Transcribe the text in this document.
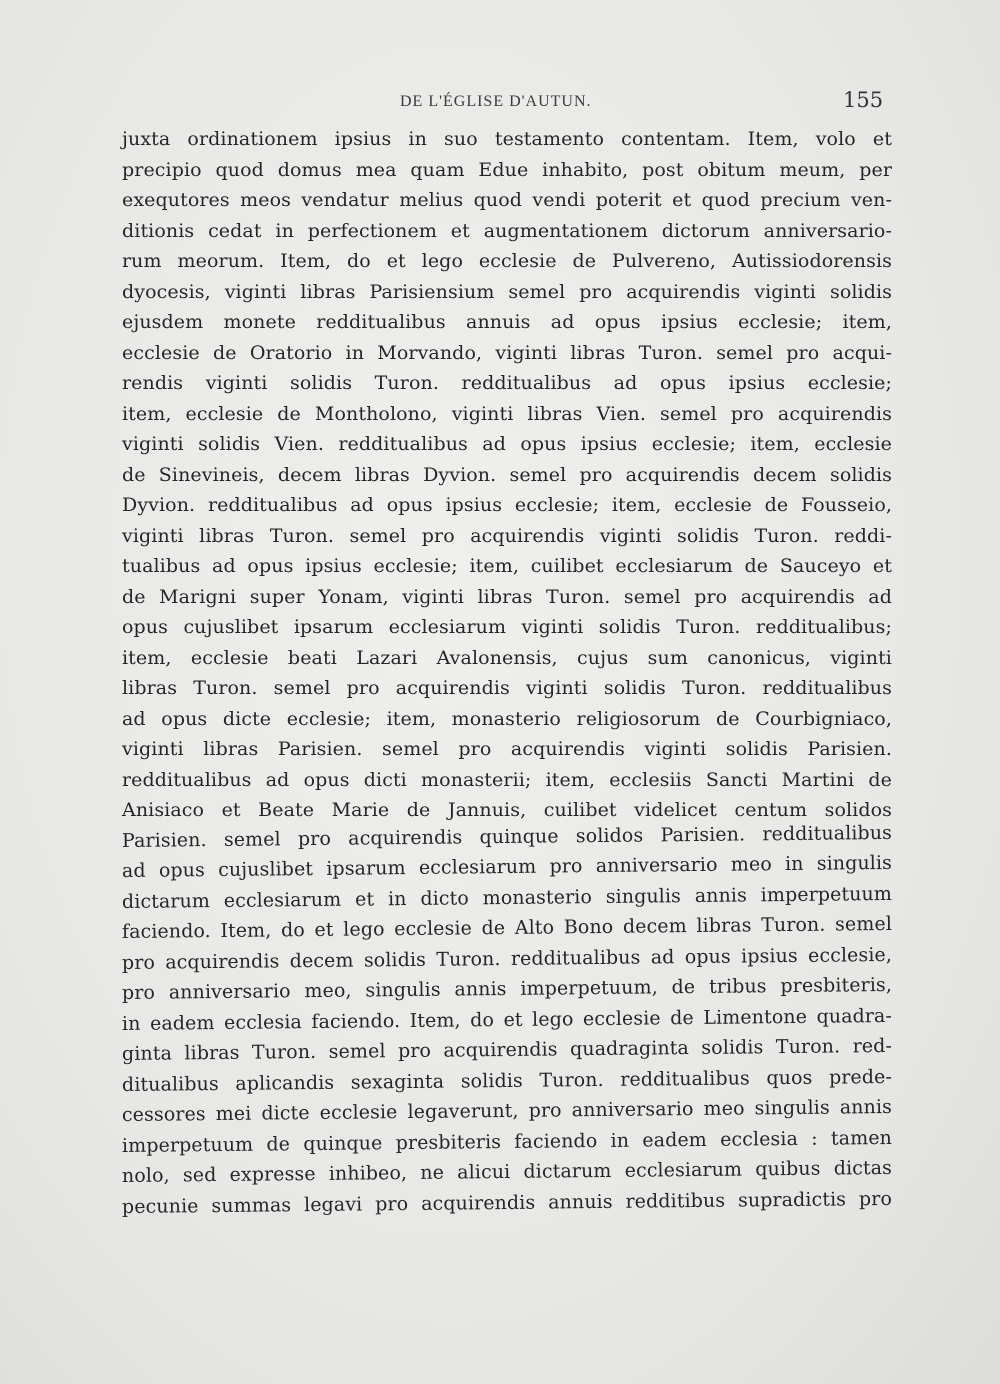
DE L'ÉGLISE D'AUTUN.	155
juxta ordinationem ipsius in suo testamento contentam. Item, volo et
precipio quod domus mea quam Edue inhabito, post obitum meum, per
exequtores meos vendatur melius quod vendi poterit et quod precium ven-
ditionis cedat in perfectionem et augmentationem dictorum anniversario-
rum meorum. Item, do et lego ecclesie de Pulvereno, Autissiodorensis
dyocesis, viginti libras Parisiensium semel pro acquirendis viginti solidis
ejusdem monete redditualibus annuis ad opus ipsius ecclesie; item,
ecclesie de Oratorio in Morvando, viginti libras Turon. semel pro acqui-
rendis viginti solidis Turon. redditualibus ad opus ipsius ecclesie;
item, ecclesie de Montholono, viginti libras Vien. semel pro acquirendis
viginti solidis Vien. redditualibus ad opus ipsius ecclesie; item, ecclesie
de Sinevineis, decem libras Dyvion. semel pro acquirendis decem solidis
Dyvion. redditualibus ad opus ipsius ecclesie; item, ecclesie de Fousseio,
viginti libras Turon. semel pro acquirendis viginti solidis Turon. reddi-
tualibus ad opus ipsius ecclesie; item, cuilibet ecclesiarum de Sauceyo et
de Marigni super Yonam, viginti libras Turon. semel pro acquirendis ad
opus cujuslibet ipsarum ecclesiarum viginti solidis Turon. redditualibus;
item, ecclesie beati Lazari Avalonensis, cujus sum canonicus, viginti
libras Turon. semel pro acquirendis viginti solidis Turon. redditualibus
ad opus dicte ecclesie; item, monasterio religiosorum de Courbigniaco,
viginti libras Parisien. semel pro acquirendis viginti solidis Parisien.
redditualibus ad opus dicti monasterii; item, ecclesiis Sancti Martini de
Anisiaco et Beate Marie de Jannuis, cuilibet videlicet centum solidos
Parisien. semel pro acquirendis quinque solidos Parisien. redditualibus
ad opus cujuslibet ipsarum ecclesiarum pro anniversario meo in singulis
dictarum ecclesiarum et in dicto monasterio singulis annis imperpetuum
faciendo. Item, do et lego ecclesie de Alto Bono decem libras Turon. semel
pro acquirendis decem solidis Turon. redditualibus ad opus ipsius ecclesie,
pro anniversario meo, singulis annis imperpetuum, de tribus presbiteris,
in eadem ecclesia faciendo. Item, do et lego ecclesie de Limentone quadra-
ginta libras Turon. semel pro acquirendis quadraginta solidis Turon. red-
ditualibus aplicandis sexaginta solidis Turon. redditualibus quos prede-
cessores mei dicte ecclesie legaverunt, pro anniversario meo singulis annis
imperpetuum de quinque presbiteris faciendo in eadem ecclesia : tamen
nolo, sed expresse inhibeo, ne alicui dictarum ecclesiarum quibus dictas
pecunie summas legavi pro acquirendis annuis redditibus supradictis pro
